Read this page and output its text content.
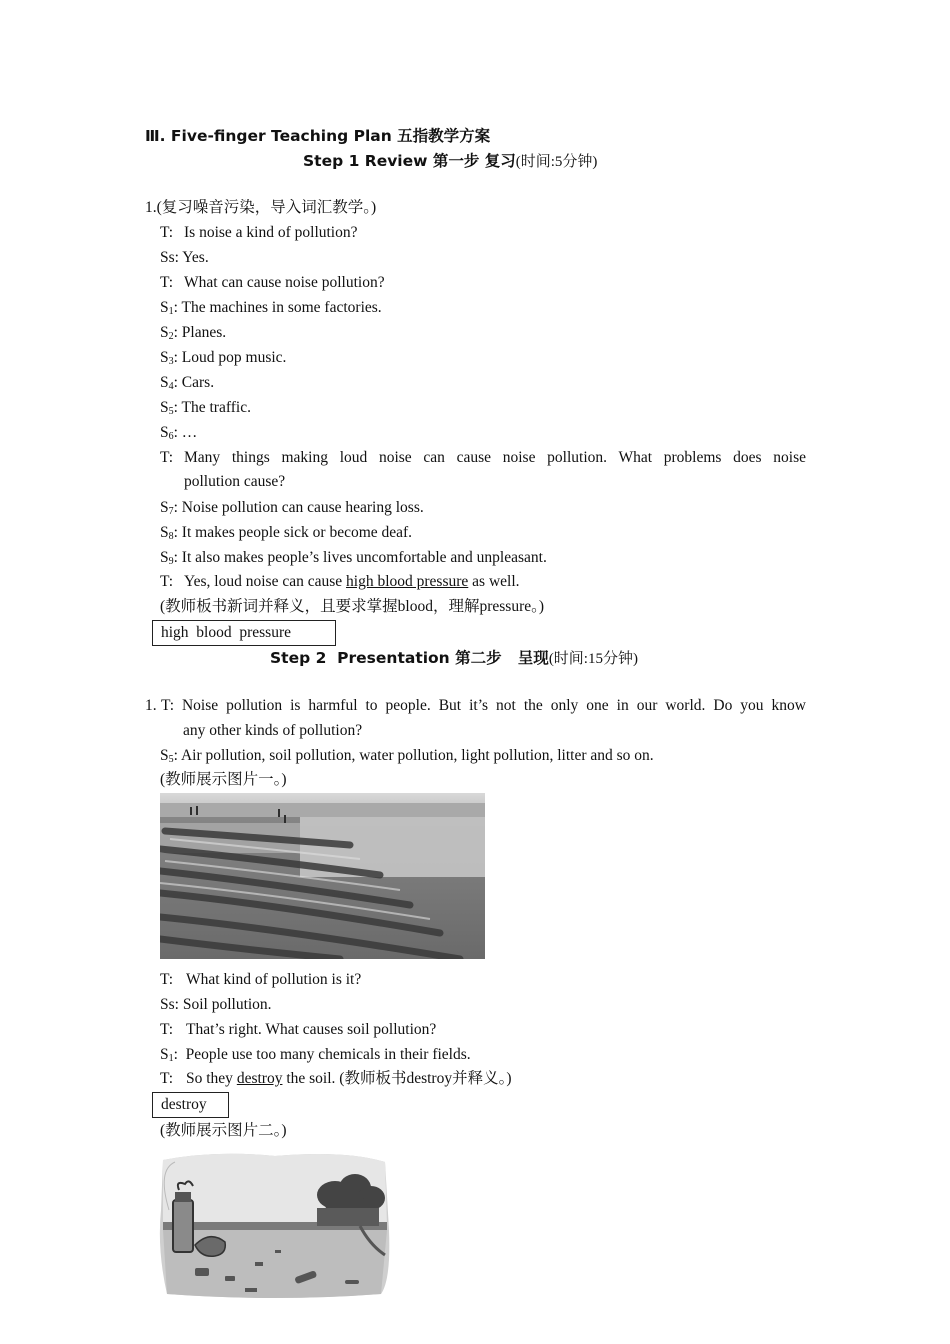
Ⅲ. Five-finger Teaching Plan 五指教学方案
Step 1 Review 第一步 复习(时间:5分钟)
1.(复习噪音污染，导入词汇教学。)
T: Is noise a kind of pollution?
Ss: Yes.
T: What can cause noise pollution?
$S_1$: The machines in some factories.
$S_2$: Planes.
$S_3$: Loud pop music.
$S_4$: Cars.
$S_5$: The traffic.
$S_6$: …
T: Many things making loud noise can cause noise pollution. What problems does noise
pollution cause?
$S_7$: Noise pollution can cause hearing loss.
$S_8$: It makes people sick or become deaf.
$S_9$: It also makes people’s lives uncomfortable and unpleasant.
T: Yes, loud noise can cause high blood pressure as well.
(教师板书新词并释义，且要求掌握blood，理解pressure。)
high  blood  pressure
Step 2  Presentation 第二步   呈现(时间:15分钟)
1. T: Noise pollution is harmful to people. But it’s not the only one in our world. Do you know
any other kinds of pollution?
$S_5$: Air pollution, soil pollution, water pollution, light pollution, litter and so on.
(教师展示图片一。)
T: What kind of pollution is it?
Ss: Soil pollution.
T: That’s right. What causes soil pollution?
$S_1$:  People use too many chemicals in their fields.
T: So they destroy the soil. (教师板书destroy并释义。)
destroy
(教师展示图片二。)
